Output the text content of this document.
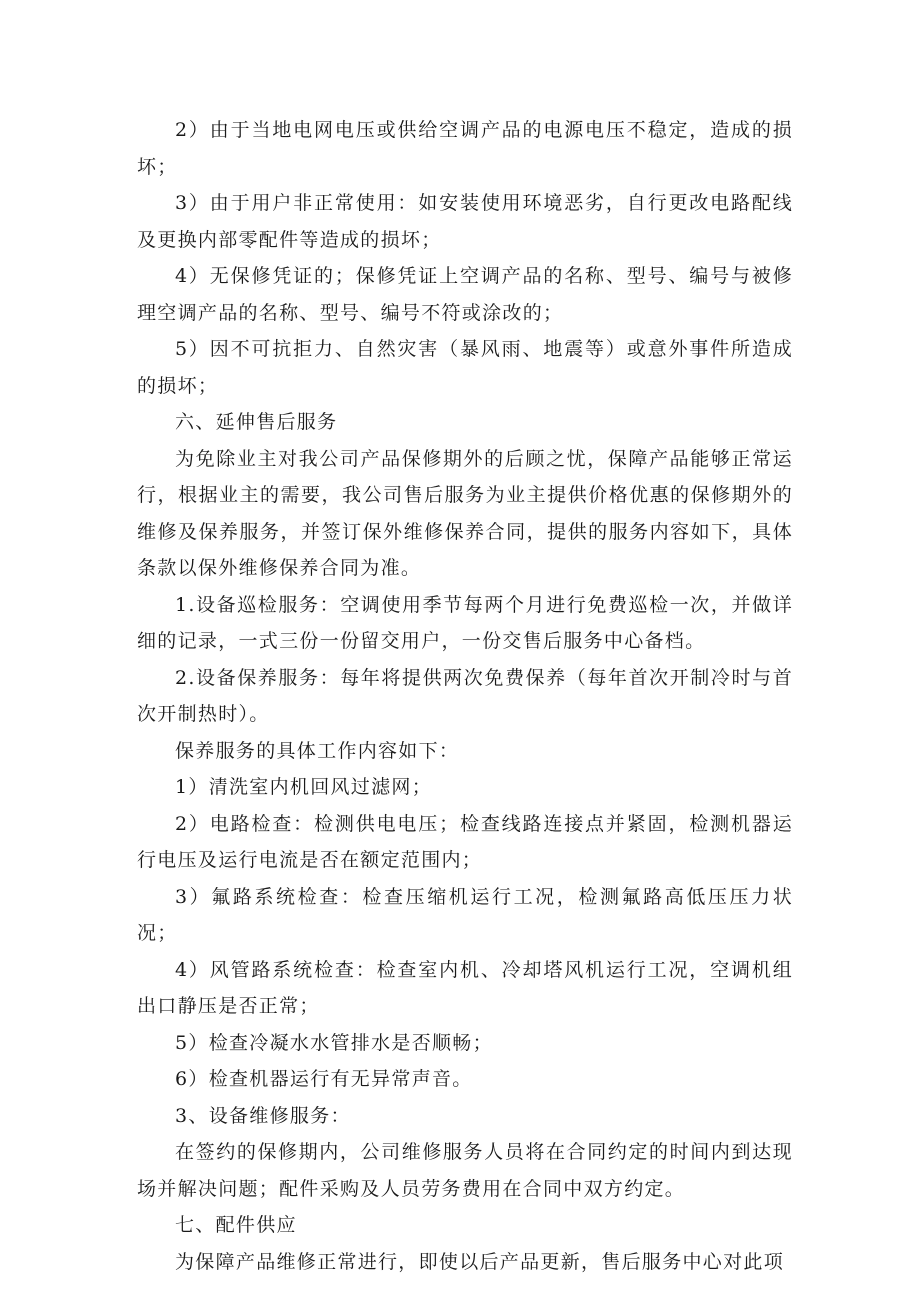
2）由于当地电网电压或供给空调产品的电源电压不稳定，造成的损坏；

3）由于用户非正常使用：如安装使用环境恶劣，自行更改电路配线及更换内部零配件等造成的损坏；

4）无保修凭证的；保修凭证上空调产品的名称、型号、编号与被修理空调产品的名称、型号、编号不符或涂改的；

5）因不可抗拒力、自然灾害（暴风雨、地震等）或意外事件所造成的损坏；

六、延伸售后服务

为免除业主对我公司产品保修期外的后顾之忧，保障产品能够正常运行，根据业主的需要，我公司售后服务为业主提供价格优惠的保修期外的维修及保养服务，并签订保外维修保养合同，提供的服务内容如下，具体条款以保外维修保养合同为准。

1.设备巡检服务：空调使用季节每两个月进行免费巡检一次，并做详细的记录，一式三份一份留交用户，一份交售后服务中心备档。

2.设备保养服务：每年将提供两次免费保养（每年首次开制冷时与首次开制热时）。

保养服务的具体工作内容如下：

1）清洗室内机回风过滤网；

2）电路检查：检测供电电压；检查线路连接点并紧固，检测机器运行电压及运行电流是否在额定范围内；

3）氟路系统检查：检查压缩机运行工况，检测氟路高低压压力状况；

4）风管路系统检查：检查室内机、冷却塔风机运行工况，空调机组出口静压是否正常；

5）检查冷凝水水管排水是否顺畅；

6）检查机器运行有无异常声音。

3、设备维修服务：

在签约的保修期内，公司维修服务人员将在合同约定的时间内到达现场并解决问题；配件采购及人员劳务费用在合同中双方约定。

七、配件供应

为保障产品维修正常进行，即使以后产品更新，售后服务中心对此项
